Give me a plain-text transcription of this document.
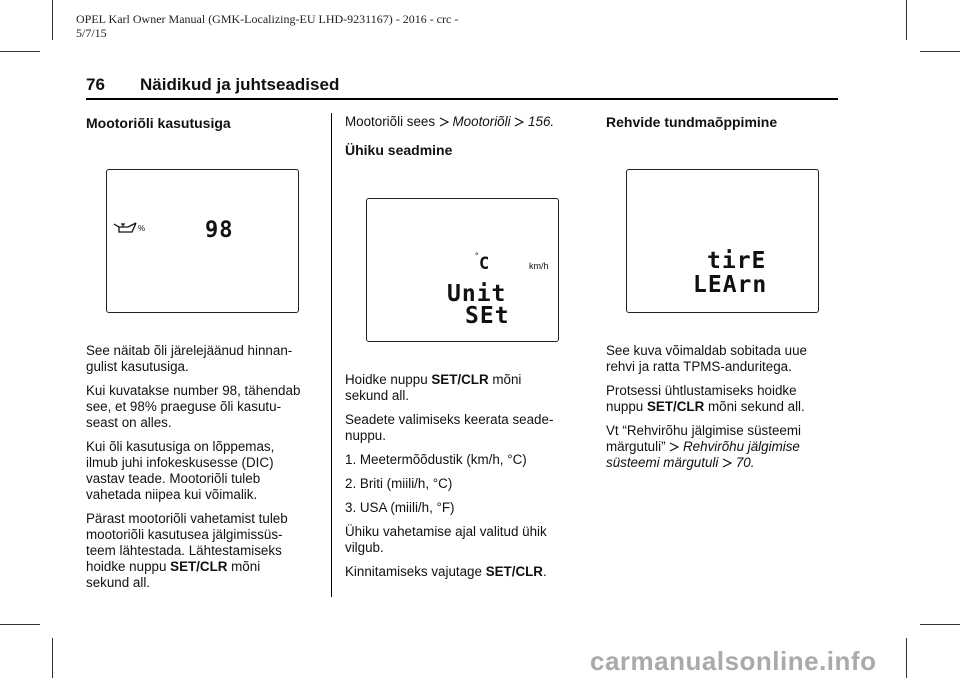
OPEL Karl Owner Manual (GMK-Localizing-EU LHD-9231167) - 2016 - crc -
5/7/15
76 Näidikud ja juhtseadised
Mootoriõli kasutusiga
%	98

See näitab õli järelejäänud hinnan-
gulist kasutusiga.

Kui kuvatakse number 98, tähendab
see, et 98% praeguse õli kasutu-
seast on alles.

Kui õli kasutusiga on lõppemas,
ilmub juhi infokeskusesse (DIC)
vastav teade. Mootoriõli tuleb
vahetada niipea kui võimalik.

Pärast mootoriõli vahetamist tuleb
mootoriõli kasutusea jälgimissüs-
teem lähtestada. Lähtestamiseks
hoidke nuppu SET/CLR mõni
sekund all.

Mootoriõli sees  Mootoriõli 156.
Ühiku seadmine
° C	km/h
Unit
SEt

Hoidke nuppu SET/CLR mõni
sekund all.

Seadete valimiseks keerata seade-
nuppu.

1. Meetermõõdustik (km/h, °C)

2. Briti (miili/h, °C)

3. USA (miili/h, °F)

Ühiku vahetamise ajal valitud ühik
vilgub.

Kinnitamiseks vajutage SET/CLR.

Rehvide tundmaõppimine
tirE
LEArn

See kuva võimaldab sobitada uue
rehvi ja ratta TPMS-anduritega.

Protsessi ühtlustamiseks hoidke
nuppu SET/CLR mõni sekund all.

Vt “Rehvirõhu jälgimise süsteemi
märgutuli”  Rehvirõhu jälgimise
süsteemi märgutuli 70.

carmanualsonline.info
